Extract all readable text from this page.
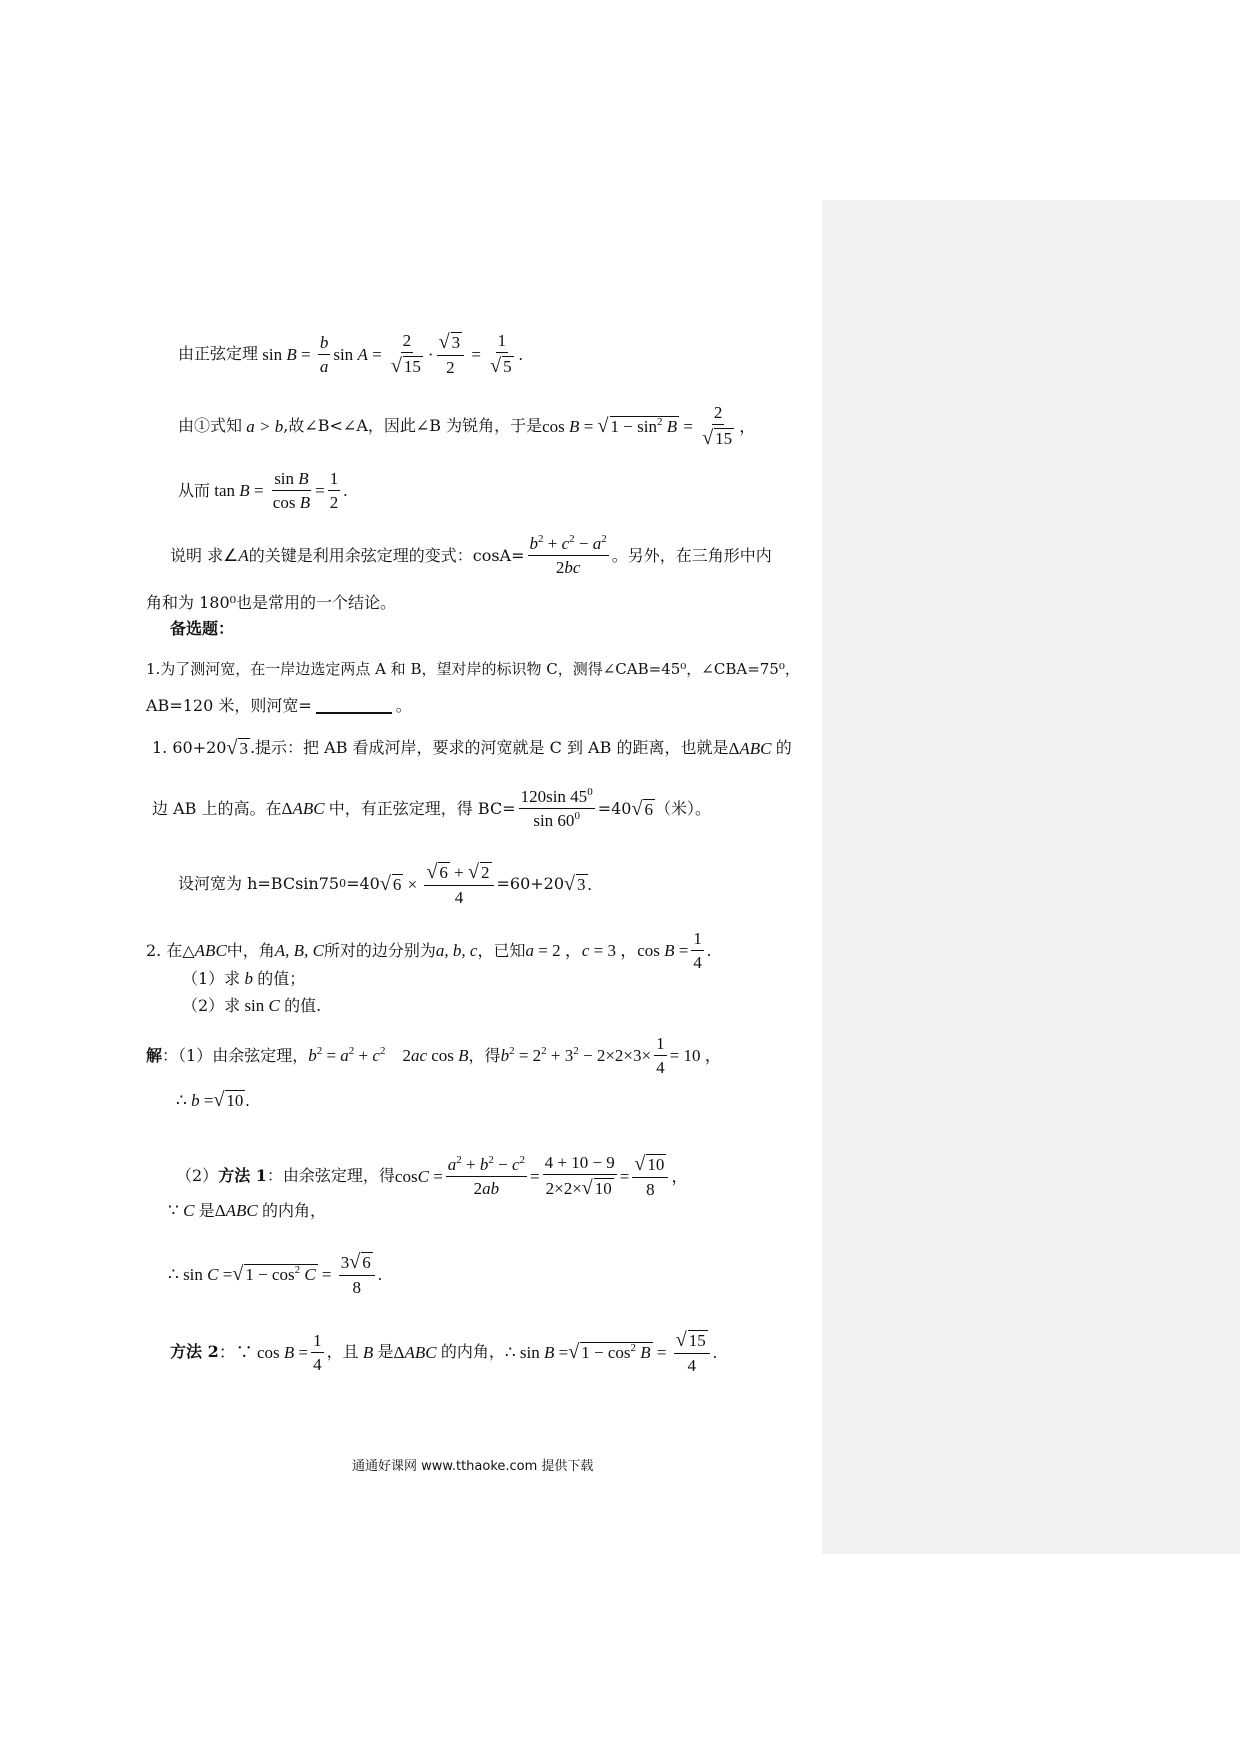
由正弦定理 $\sin B = \frac{b}{a}$ $\sin A = \frac{2}{√ 15} \cdot \frac{√ 3}{2} = \frac{1}{√ 5}$ .
由①式知 a > b ,故∠B<∠A，因此∠B 为锐角，于是 cos B = √ $1 - \sin^2 B = \frac{2}{√ 15}$ ，
从而 $\tan B = \frac{\text{sin B}}{\text{cos B}} = \frac{1}{2}$ .
说明 求 ∠A 的关键是利用余弦定理的变式：$\cos A= \frac{b^2 + c^2 - a^2}{2bc}$ 。另外，在三角形中内
角和为 180⁰也是常用的一个结论。
备选题：
1.为了测河宽，在一岸边选定两点 A 和 B，望对岸的标识物 C，测得∠CAB=45⁰，∠CBA=75⁰，
AB=120 米，则河宽=	。
1. 60+20 √ 3 .提示：把 AB 看成河岸，要求的河宽就是 C 到 AB 的距离，也就是 ΔABC 的
边 AB 上的高。在 ΔABC 中，有正弦定理，得 $BC= \frac{120\sin 45^0}{\sin 60^0} =40$ √ 6 （米）。
设河宽为 h=BCsin75 0 =40 √ $6 \times \frac{√ 6 + √ 2}{4} =60+20$ √ 3 .
2. 在△ ABC 中，角 A, B, C 所对的边分别为 a, b, c ，已知 a = 2 ，c = 3 ，$\cos B = \frac{1}{4}$ .
（1）求 b 的值；
（2）求 sin C 的值.
解 ：（1）由余弦定理， $b^2 = a^2 + c^2$    2ac cos B ，得 $b^2 = 2^2 + 3^2 - 2\times 2\times 3\times \frac{1}{4} = 10$ ，
∴ b = √ 10 .
（2） 方法 1 ：由余弦定理，得 $\cos C = \frac{a^2 + b^2 - c^2}{2ab} = \frac{4 + 10 - 9}{2\times 2\times √ 10} = \frac{√ 10}{8}$ ，
∵ C 是 ΔABC 的内角，
∴ sin C = √ $1 - \cos^2 C = \frac{3 √ 6}{8}$ .
方法 2 ：∵ $\cos B = \frac{1}{4}$ ，且 B 是 ΔABC 的内角， ∴ sin B = √ $1 - \cos^2 B = \frac{√ 15}{4}$ .
通通好课网 www.tthaoke.com 提供下载
